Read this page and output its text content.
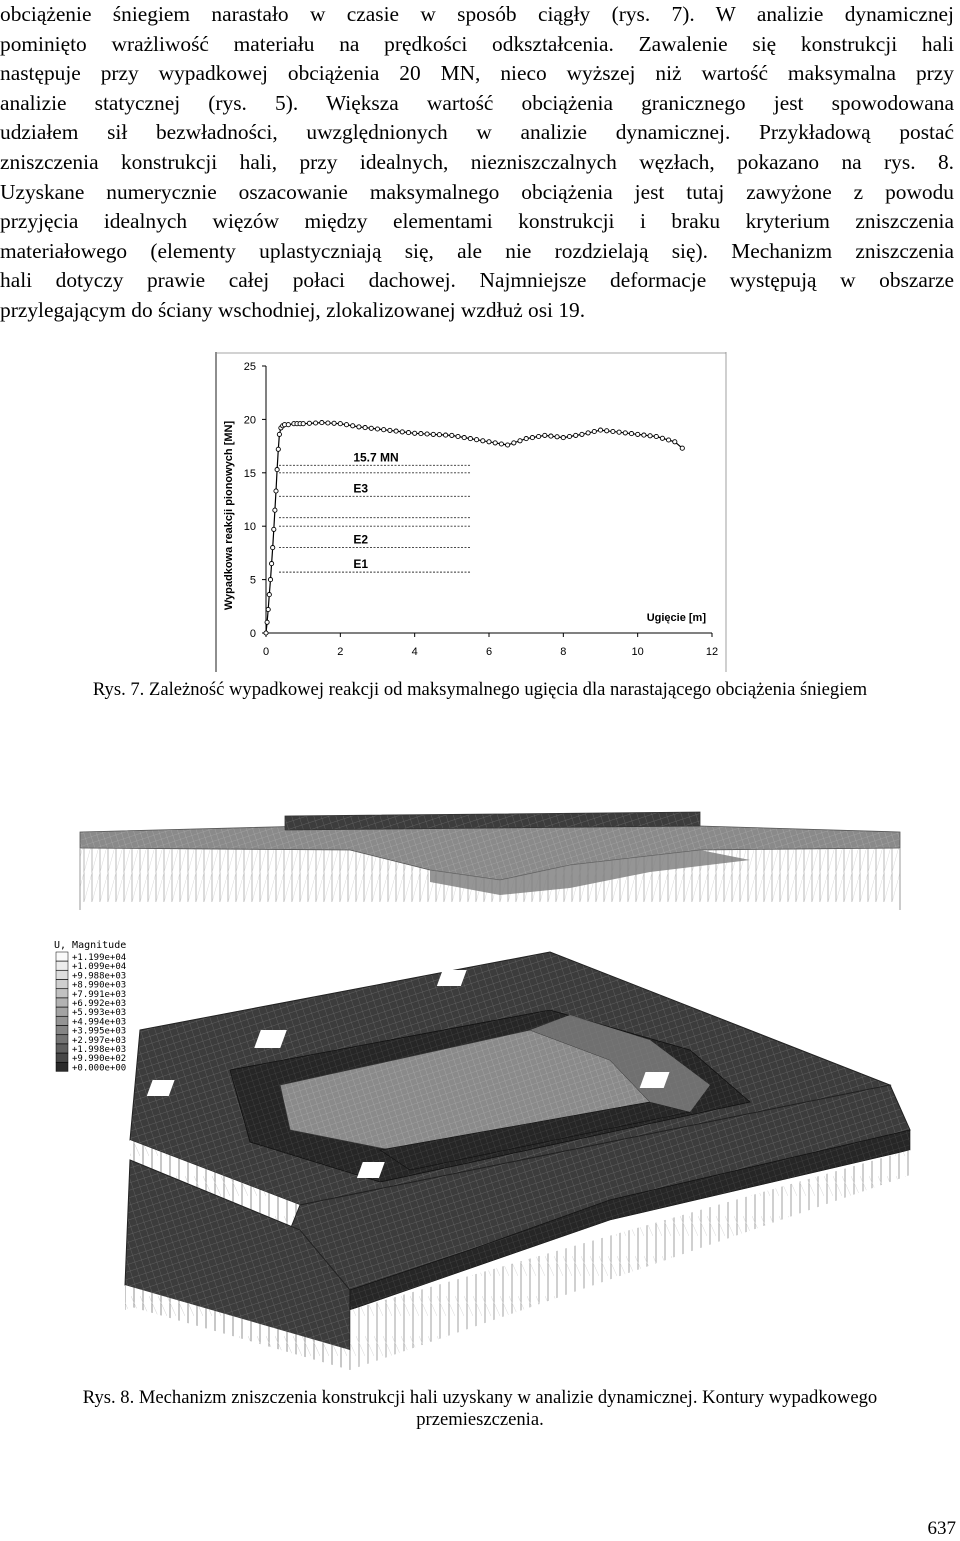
obciążenie śniegiem narastało w czasie w sposób ciągły (rys. 7). W analizie dynamicznej
pominięto wrażliwość materiału na prędkości odkształcenia. Zawalenie się konstrukcji hali
następuje przy wypadkowej obciążenia 20 MN, nieco wyższej niż wartość maksymalna przy
analizie statycznej (rys. 5). Większa wartość obciążenia granicznego jest spowodowana
udziałem sił bezwładności, uwzględnionych w analizie dynamicznej. Przykładową postać
zniszczenia konstrukcji hali, przy idealnych, niezniszczalnych węzłach, pokazano na rys. 8.
Uzyskane numerycznie oszacowanie maksymalnego obciążenia jest tutaj zawyżone z powodu
przyjęcia idealnych więzów między elementami konstrukcji i braku kryterium zniszczenia
materiałowego (elementy uplastyczniają się, ale nie rozdzielają się). Mechanizm zniszczenia
hali dotyczy prawie całej połaci dachowej. Najmniejsze deformacje występują w obszarze
przylegającym do ściany wschodniej, zlokalizowanej wzdłuż osi 19.
0	2	4	6	8	10	12
0
5
10
15
20
25
Wypadkowa reakcji pionowych [MN]
Ugięcie [m]
15.7 MN
E3
E2
E1
Rys. 7. Zależność wypadkowej reakcji od maksymalnego ugięcia dla narastającego obciążenia śniegiem
U, Magnitude
+1.199e+04
+1.099e+04
+9.988e+03
+8.990e+03
+7.991e+03
+6.992e+03
+5.993e+03
+4.994e+03
+3.995e+03
+2.997e+03
+1.998e+03
+9.990e+02
+0.000e+00
Rys. 8. Mechanizm zniszczenia konstrukcji hali uzyskany w analizie dynamicznej. Kontury wypadkowego
przemieszczenia.
637
